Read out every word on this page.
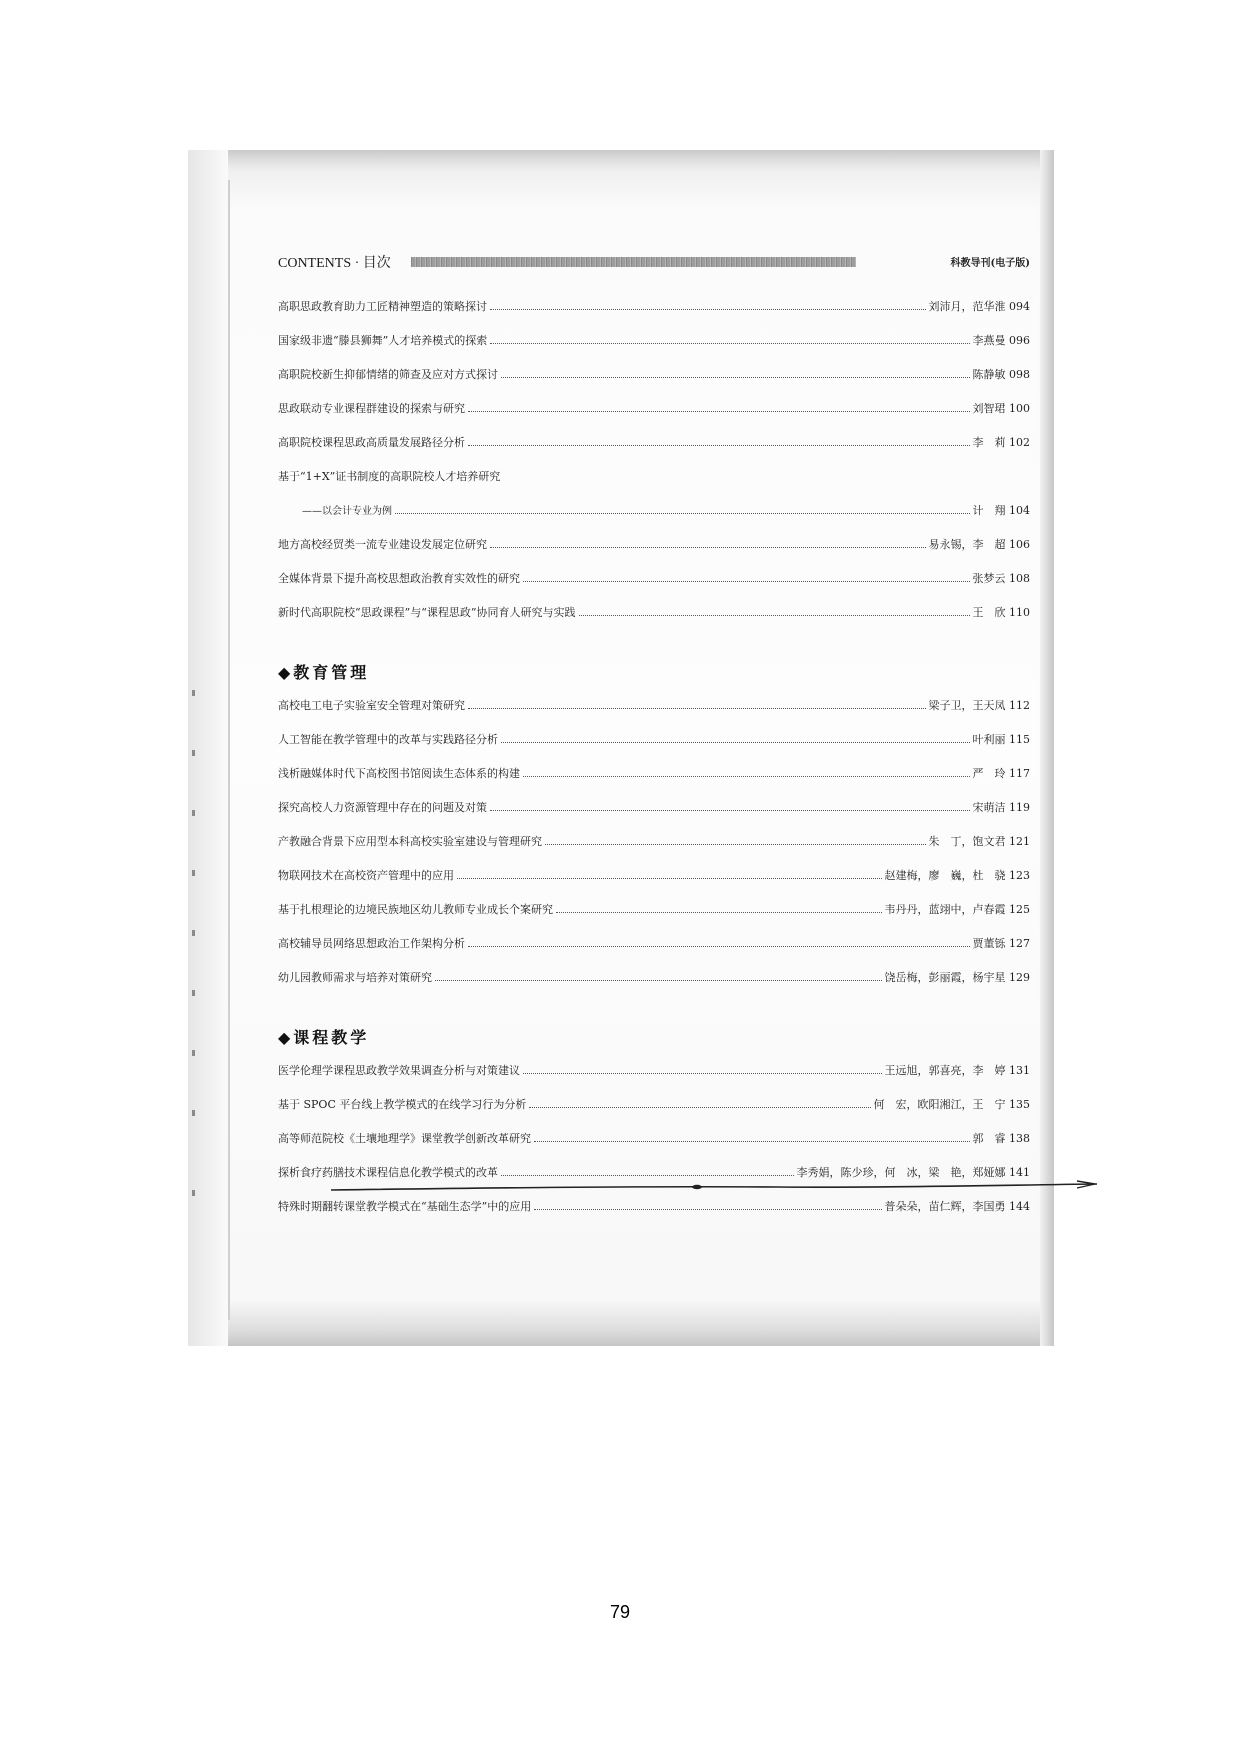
CONTENTS · 目次	科教导刊(电子版)
高职思政教育助力工匠精神塑造的策略探讨	刘沛月，范华淮 094
国家级非遗“滕县狮舞”人才培养模式的探索	李燕曼 096
高职院校新生抑郁情绪的筛查及应对方式探讨	陈静敏 098
思政联动专业课程群建设的探索与研究	刘智珺 100
高职院校课程思政高质量发展路径分析	李　莉 102
基于“1+X”证书制度的高职院校人才培养研究
——以会计专业为例	计　翔 104
地方高校经贸类一流专业建设发展定位研究	易永锡，李　超 106
全媒体背景下提升高校思想政治教育实效性的研究	张梦云 108
新时代高职院校“思政课程”与“课程思政”协同育人研究与实践	王　欣 110
◆教育管理
高校电工电子实验室安全管理对策研究	梁子卫，王天凤 112
人工智能在教学管理中的改革与实践路径分析	叶利丽 115
浅析融媒体时代下高校图书馆阅读生态体系的构建	严　玲 117
探究高校人力资源管理中存在的问题及对策	宋萌洁 119
产教融合背景下应用型本科高校实验室建设与管理研究	朱　丁，饱文君 121
物联网技术在高校资产管理中的应用	赵建梅，廖　巍，杜　骁 123
基于扎根理论的边境民族地区幼儿教师专业成长个案研究	韦丹丹，蓝翊中，卢春霞 125
高校辅导员网络思想政治工作架构分析	贾董铄 127
幼儿园教师需求与培养对策研究	饶岳梅，彭丽霞，杨宇星 129
◆课程教学
医学伦理学课程思政教学效果调查分析与对策建议	王远旭，郭喜亮，李　婷 131
基于 SPOC 平台线上教学模式的在线学习行为分析	何　宏，欧阳湘江，王　宁 135
高等师范院校《土壤地理学》课堂教学创新改革研究	郭　睿 138
探析食疗药膳技术课程信息化教学模式的改革	李秀娟，陈少珍，何　冰，梁　艳，郑娅娜 141
特殊时期翻转课堂教学模式在“基础生态学”中的应用	普朵朵，苗仁辉，李国勇 144
79
